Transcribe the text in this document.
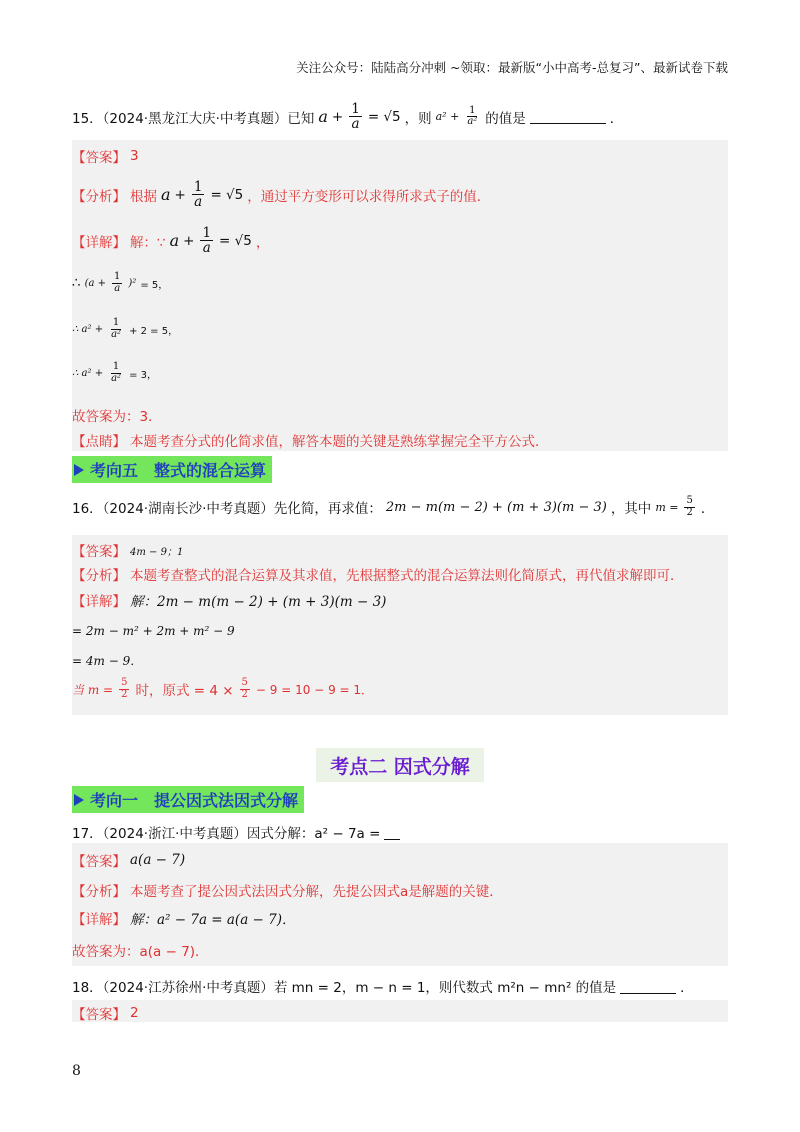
关注公众号：陆陆高分冲刺 ~领取：最新版“小中高考-总复习”、最新试卷下载
15．（2024·黑龙江大庆·中考真题）已知 $a + \frac{1}{a} = √5$ ，则 $a^2 + \frac{1}{\text{a²}}$ 的值是	．
【答案】 3
【分析】 根据 $a + \frac{1}{a} = √5$ ，通过平方变形可以求得所求式子的值．
【详解】 解：∵ $a + \frac{1}{a} = √5$ ，
∴ $(a + \frac{1}{a} )^2 = 5$，
∴ $a^2 + \frac{1}{\text{a²}} + 2 = 5$，
∴ $a^2 + \frac{1}{\text{a²}} = 3$，
故答案为：3．
【点睛】 本题考查分式的化简求值，解答本题的关键是熟练掌握完全平方公式．
考向五　整式的混合运算
16．（2024·湖南长沙·中考真题）先化简，再求值： 2m − m(m − 2) + (m + 3)(m − 3) ，其中 $m = \frac{5}{2}$ ．
【答案】 4m − 9；1
【分析】 本题考查整式的混合运算及其求值，先根据整式的混合运算法则化简原式，再代值求解即可．
【详解】 解：2m − m(m − 2) + (m + 3)(m − 3)
= 2m − m² + 2m + m² − 9
= 4m − 9．
当 $m = \frac{5}{2}$ 时，原式 = $4 \times \frac{5}{2} - 9 = 10 - 9 = 1$．
考点二 因式分解
考向一　提公因式法因式分解
17．（2024·浙江·中考真题）因式分解：a² − 7a =
【答案】 a(a − 7)
【分析】 本题考查了提公因式法因式分解，先提公因式a是解题的关键．
【详解】 解：a² − 7a = a(a − 7)．
故答案为：a(a − 7)．
18．（2024·江苏徐州·中考真题）若 mn = 2，m − n = 1，则代数式 m²n − mn² 的值是	．
【答案】 2
8
